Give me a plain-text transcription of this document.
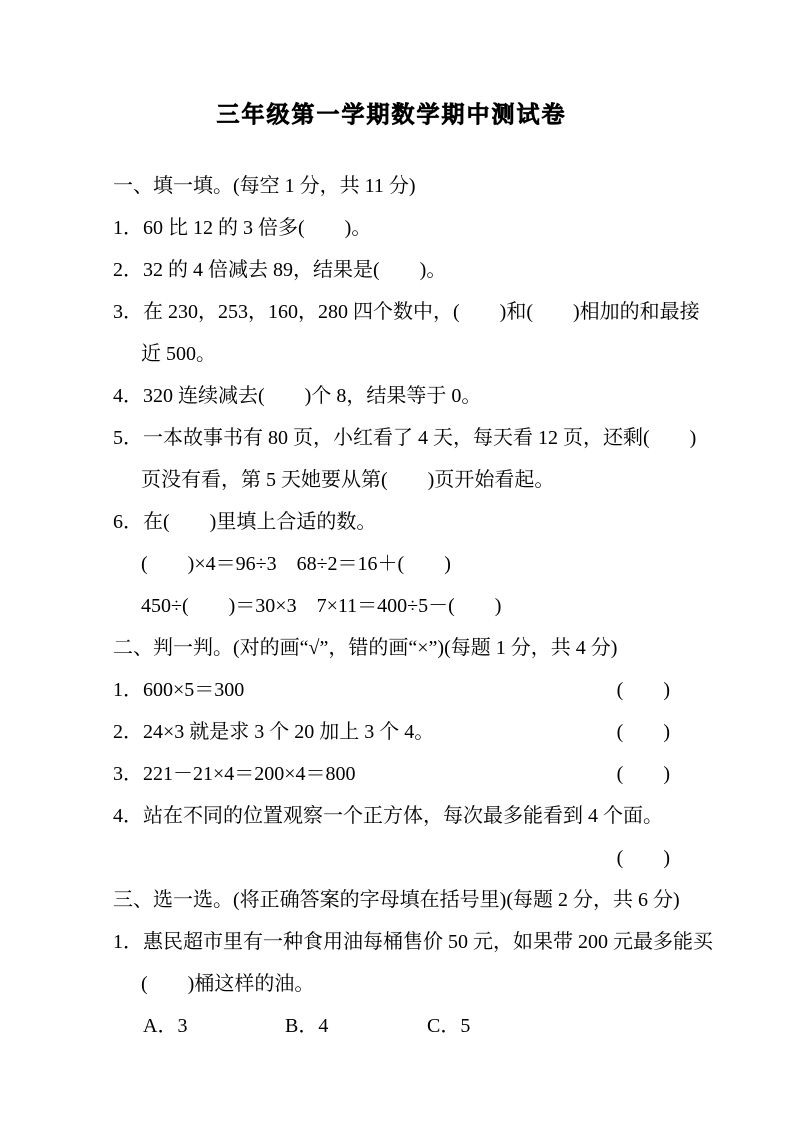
三年级第一学期数学期中测试卷
一、填一填。(每空 1 分，共 11 分)
1．60 比 12 的 3 倍多(　　)。
2．32 的 4 倍减去 89，结果是(　　)。
3．在 230，253，160，280 四个数中，(　　)和(　　)相加的和最接
近 500。
4．320 连续减去(　　)个 8，结果等于 0。
5．一本故事书有 80 页，小红看了 4 天，每天看 12 页，还剩(　　)
页没有看，第 5 天她要从第(　　)页开始看起。
6．在(　　)里填上合适的数。
(　　)×4＝96÷3　68÷2＝16＋(　　)
450÷(　　)＝30×3　7×11＝400÷5－(　　)
二、判一判。(对的画“√”，错的画“×”)(每题 1 分，共 4 分)
1．600×5＝300	(　　)
2．24×3 就是求 3 个 20 加上 3 个 4。	(　　)
3．221－21×4＝200×4＝800	(　　)
4．站在不同的位置观察一个正方体，每次最多能看到 4 个面。
(　　)
三、选一选。(将正确答案的字母填在括号里)(每题 2 分，共 6 分)
1．惠民超市里有一种食用油每桶售价 50 元，如果带 200 元最多能买
(　　)桶这样的油。
A．3	B．4	C．5
